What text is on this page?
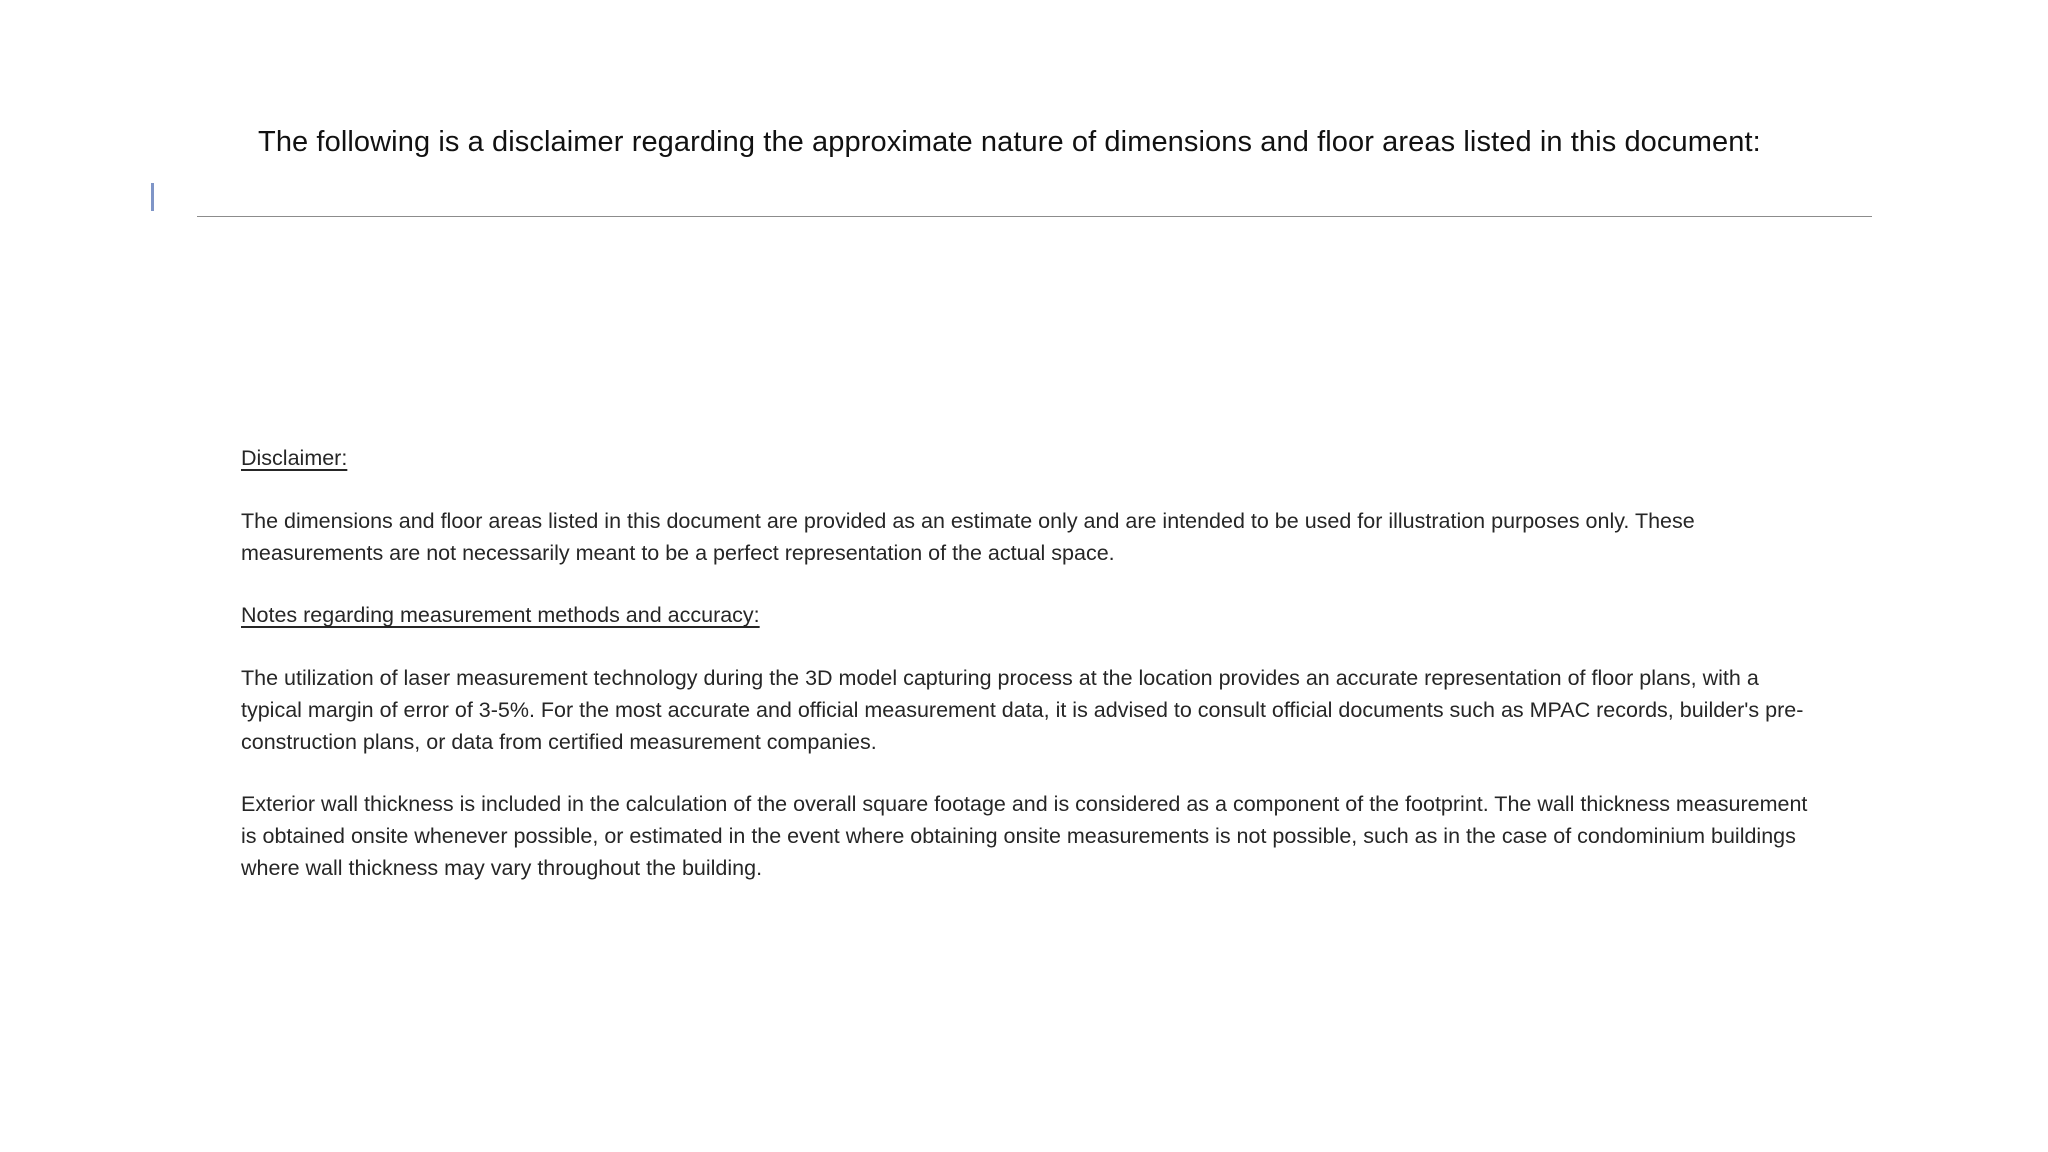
The following is a disclaimer regarding the approximate nature of dimensions and floor areas listed in this document:

Disclaimer:

The dimensions and floor areas listed in this document are provided as an estimate only and are intended to be used for illustration purposes only. These measurements are not necessarily meant to be a perfect representation of the actual space.

Notes regarding measurement methods and accuracy:

The utilization of laser measurement technology during the 3D model capturing process at the location provides an accurate representation of floor plans, with a typical margin of error of 3-5%. For the most accurate and official measurement data, it is advised to consult official documents such as MPAC records, builder's pre-construction plans, or data from certified measurement companies.

Exterior wall thickness is included in the calculation of the overall square footage and is considered as a component of the footprint. The wall thickness measurement is obtained onsite whenever possible, or estimated in the event where obtaining onsite measurements is not possible, such as in the case of condominium buildings where wall thickness may vary throughout the building.
